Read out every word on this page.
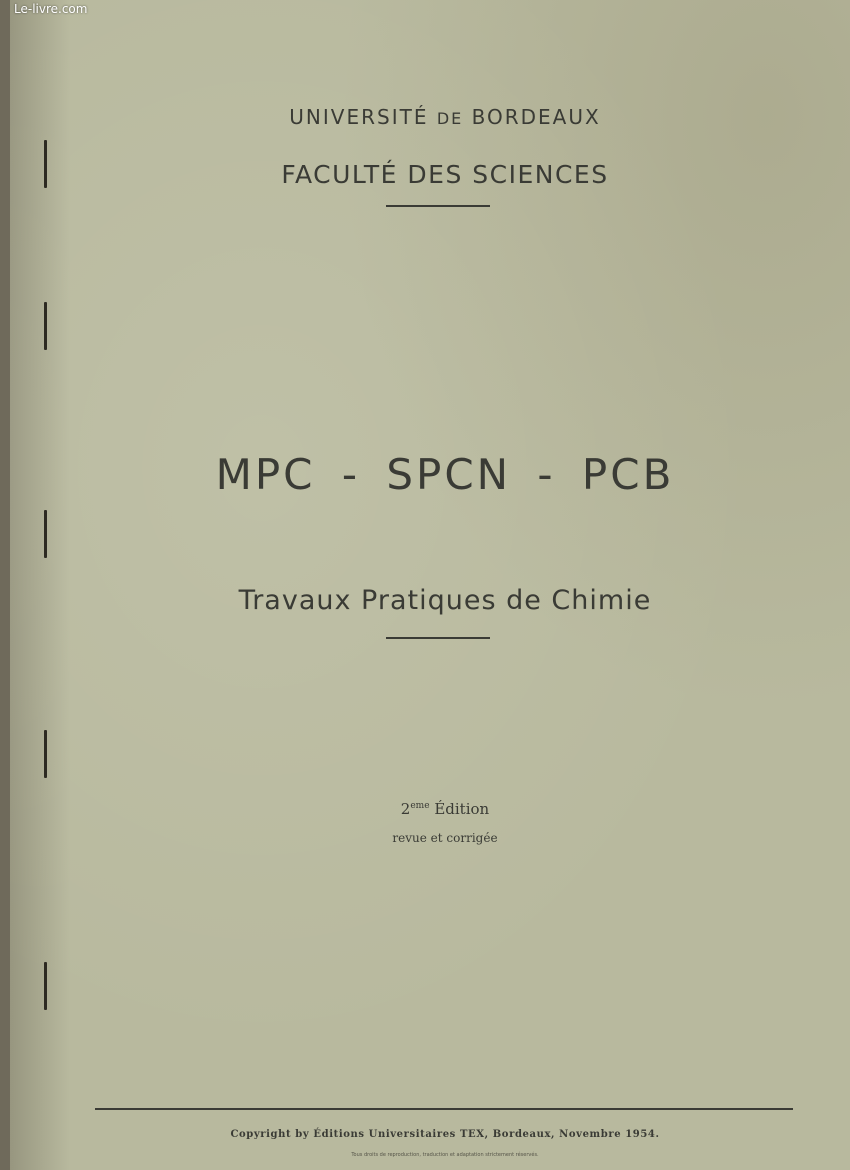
Le-livre.com
UNIVERSITÉ DE BORDEAUX
FACULTÉ DES SCIENCES
MPC - SPCN - PCB
Travaux Pratiques de Chimie
2eme Édition
revue et corrigée
Copyright by Éditions Universitaires TEX, Bordeaux, Novembre 1954.
Tous droits de reproduction, traduction et adaptation strictement réservés.
